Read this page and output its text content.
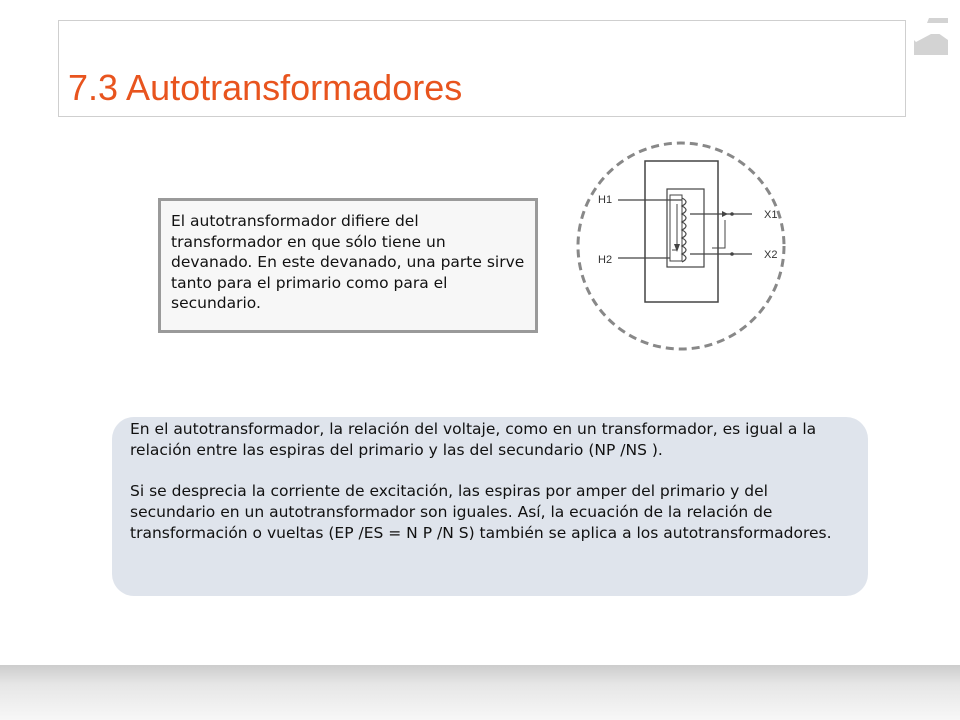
7.3 Autotransformadores
El autotransformador difiere del transformador en que sólo tiene un devanado. En este devanado, una parte sirve tanto para el primario como para el secundario.
H1
H2
X1
X2

En el autotransformador, la relación del voltaje, como en un transformador, es igual a la relación entre las espiras del primario y las del secundario (NP /NS ).

Si se desprecia la corriente de excitación, las espiras por amper del primario y del secundario en un autotransformador son iguales. Así, la ecuación de la relación de transformación o vueltas (EP /ES = N P /N S) también se aplica a los autotransformadores.
